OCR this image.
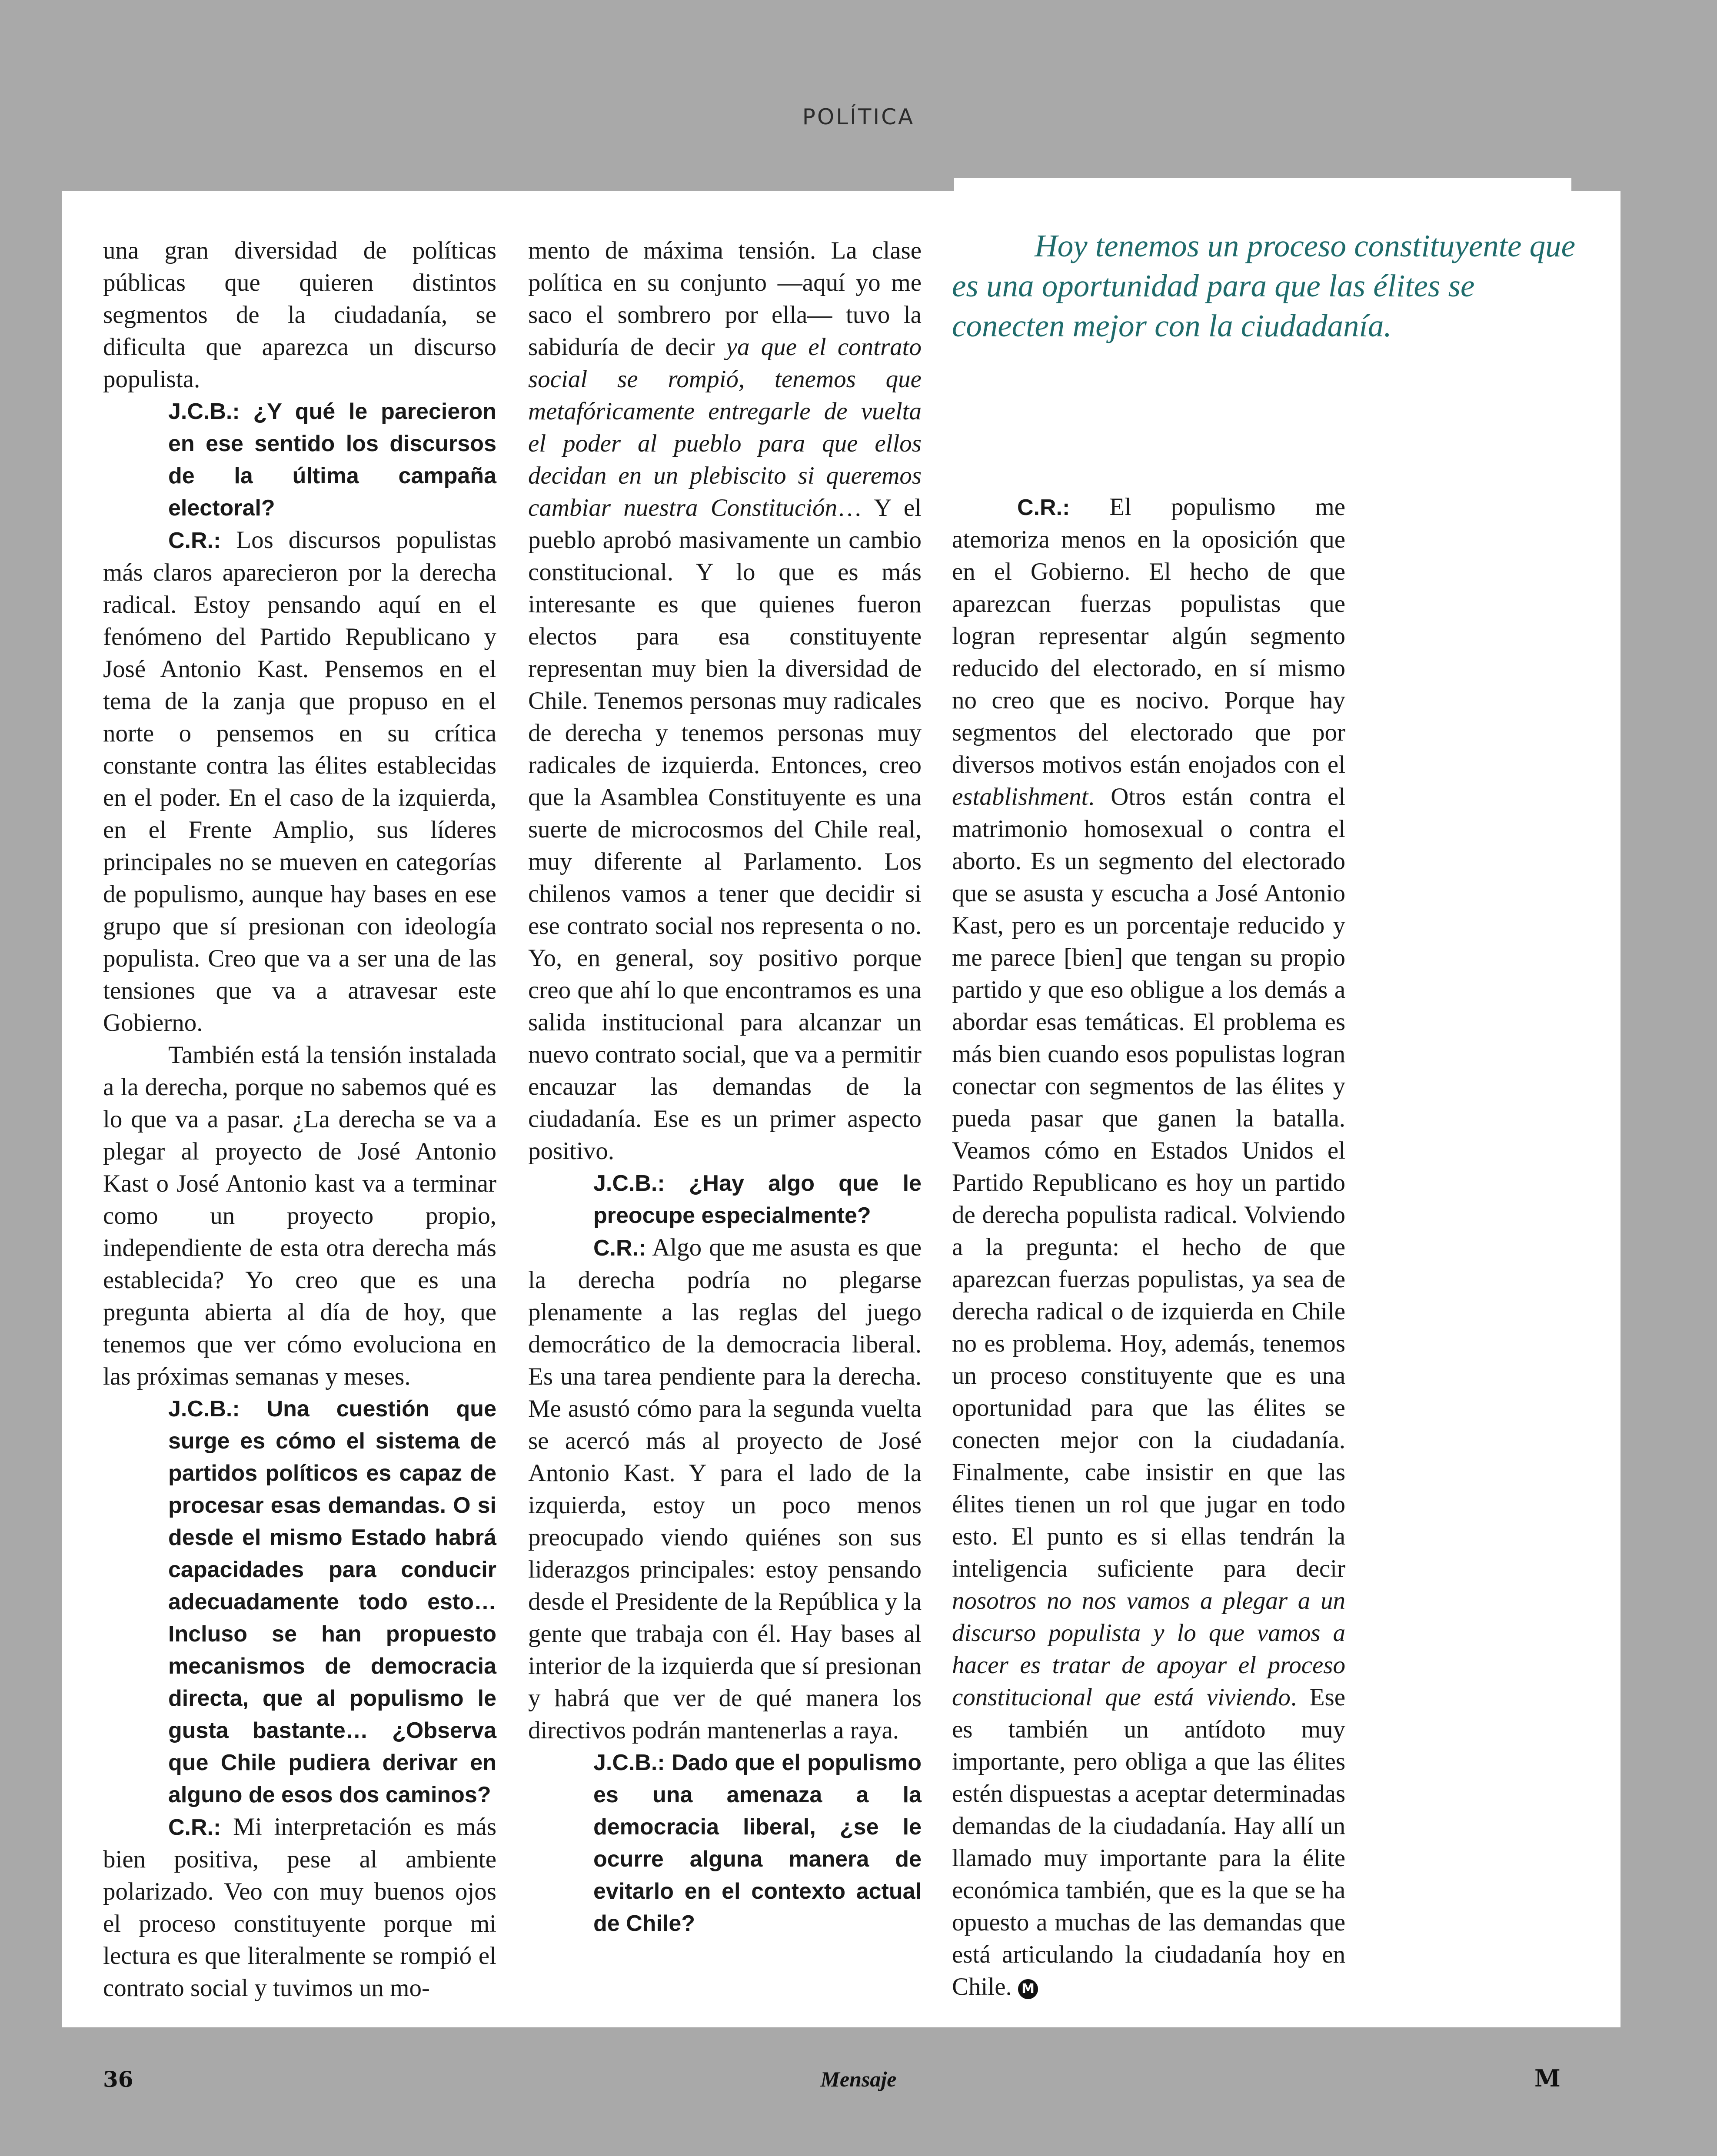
POLÍTICA

una gran diversidad de políticas públicas que quieren distintos segmentos de la ciudadanía, se dificulta que aparezca un discurso populista.

J.C.B.: ¿Y qué le parecieron en ese sentido los discursos de la última campaña electoral?

C.R.: Los discursos populistas más claros aparecieron por la derecha radical. Estoy pensando aquí en el fenómeno del Partido Republicano y José Antonio Kast. Pensemos en el tema de la zanja que propuso en el norte o pensemos en su crítica constante contra las élites establecidas en el poder. En el caso de la izquierda, en el Frente Amplio, sus líderes principales no se mueven en categorías de populismo, aunque hay bases en ese grupo que sí presionan con ideología populista. Creo que va a ser una de las tensiones que va a atravesar este Gobierno.

También está la tensión instalada a la derecha, porque no sabemos qué es lo que va a pasar. ¿La derecha se va a plegar al proyecto de José Antonio Kast o José Antonio kast va a terminar como un proyecto propio, independiente de esta otra derecha más establecida? Yo creo que es una pregunta abierta al día de hoy, que tenemos que ver cómo evoluciona en las próximas semanas y meses.

J.C.B.: Una cuestión que surge es cómo el sistema de partidos políticos es capaz de procesar esas demandas. O si desde el mismo Estado habrá capacidades para conducir adecuadamente todo esto… Incluso se han propuesto mecanismos de democracia directa, que al populismo le gusta bastante… ¿Observa que Chile pudiera derivar en alguno de esos dos caminos?

C.R.: Mi interpretación es más bien positiva, pese al ambiente polarizado. Veo con muy buenos ojos el proceso constituyente porque mi lectura es que literalmente se rompió el contrato social y tuvimos un mo-

mento de máxima tensión. La clase política en su conjunto —aquí yo me saco el sombrero por ella— tuvo la sabiduría de decir ya que el contrato social se rompió, tenemos que metafóricamente entregarle de vuelta el poder al pueblo para que ellos decidan en un plebiscito si queremos cambiar nuestra Constitución… Y el pueblo aprobó masivamente un cambio constitucional. Y lo que es más interesante es que quienes fueron electos para esa constituyente representan muy bien la diversidad de Chile. Tenemos personas muy radicales de derecha y tenemos personas muy radicales de izquierda. Entonces, creo que la Asamblea Constituyente es una suerte de microcosmos del Chile real, muy diferente al Parlamento. Los chilenos vamos a tener que decidir si ese contrato social nos representa o no. Yo, en general, soy positivo porque creo que ahí lo que encontramos es una salida institucional para alcanzar un nuevo contrato social, que va a permitir encauzar las demandas de la ciudadanía. Ese es un primer aspecto positivo.

J.C.B.: ¿Hay algo que le preocupe especialmente?

C.R.: Algo que me asusta es que la derecha podría no plegarse plenamente a las reglas del juego democrático de la democracia liberal. Es una tarea pendiente para la derecha. Me asustó cómo para la segunda vuelta se acercó más al proyecto de José Antonio Kast. Y para el lado de la izquierda, estoy un poco menos preocupado viendo quiénes son sus liderazgos principales: estoy pensando desde el Presidente de la República y la gente que trabaja con él. Hay bases al interior de la izquierda que sí presionan y habrá que ver de qué manera los directivos podrán mantenerlas a raya.

J.C.B.: Dado que el populismo es una amenaza a la democracia liberal, ¿se le ocurre alguna manera de evitarlo en el contexto actual de Chile?

Hoy tenemos un proceso constituyente que es una oportunidad para que las élites se conecten mejor con la ciudadanía.

C.R.: El populismo me atemoriza menos en la oposición que en el Gobierno. El hecho de que aparezcan fuerzas populistas que logran representar algún segmento reducido del electorado, en sí mismo no creo que es nocivo. Porque hay segmentos del electorado que por diversos motivos están enojados con el establishment. Otros están contra el matrimonio homosexual o contra el aborto. Es un segmento del electorado que se asusta y escucha a José Antonio Kast, pero es un porcentaje reducido y me parece [bien] que tengan su propio partido y que eso obligue a los demás a abordar esas temáticas. El problema es más bien cuando esos populistas logran conectar con segmentos de las élites y pueda pasar que ganen la batalla. Veamos cómo en Estados Unidos el Partido Republicano es hoy un partido de derecha populista radical. Volviendo a la pregunta: el hecho de que aparezcan fuerzas populistas, ya sea de derecha radical o de izquierda en Chile no es problema. Hoy, además, tenemos un proceso constituyente que es una oportunidad para que las élites se conecten mejor con la ciudadanía. Finalmente, cabe insistir en que las élites tienen un rol que jugar en todo esto. El punto es si ellas tendrán la inteligencia suficiente para decir nosotros no nos vamos a plegar a un discurso populista y lo que vamos a hacer es tratar de apoyar el proceso constitucional que está viviendo. Ese es también un antídoto muy importante, pero obliga a que las élites estén dispuestas a aceptar determinadas demandas de la ciudadanía. Hay allí un llamado muy importante para la élite económica también, que es la que se ha opuesto a muchas de las demandas que está articulando la ciudadanía hoy en Chile. M

36	Mensaje	M
